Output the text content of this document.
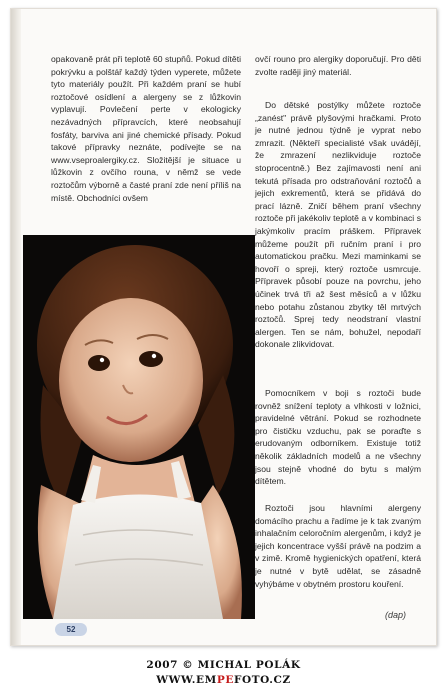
opakovaně prát při teplotě 60 stupňů. Pokud dítěti pokrývku a polštář každý týden vyperete, můžete tyto materiály použít. Při každém praní se hubí roztočové osídlení a alergeny se z lůžkovin vyplavují. Povlečení perte v ekologicky nezávadných přípravcích, které neobsahují fosfáty, barviva ani jiné chemické přísady. Pokud takové přípravky neznáte, podívejte se na www.vseproalergiky.cz. Složitější je situace u lůžkovin z ovčího rouna, v němž se vede roztočům výborně a časté praní zde není příliš na místě. Obchodníci ovšem

ovčí rouno pro alergiky doporučují. Pro děti zvolte raději jiný materiál.

Do dětské postýlky můžete roztoče „zanést" právě plyšovými hračkami. Proto je nutné jednou týdně je vyprat nebo zmrazit. (Někteří specialisté však uvádějí, že zmrazení nezlikviduje roztoče stoprocentně.) Bez zajímavosti není ani tekutá přísada pro odstraňování roztočů a jejich exkrementů, která se přidává do prací lázně. Zničí během praní všechny roztoče při jakékoliv teplotě a v kombinaci s jakýmkoliv pracím práškem. Přípravek můžeme použít při ručním praní i pro automatickou pračku. Mezi maminkami se hovoří o spreji, který roztoče usmrcuje. Přípravek působí pouze na povrchu, jeho účinek trvá tři až šest měsíců a v lůžku nebo potahu zůstanou zbytky těl mrtvých roztočů. Sprej tedy neodstraní vlastní alergen. Ten se nám, bohužel, nepodaří dokonale zlikvidovat.

Pomocníkem v boji s roztoči bude rovněž snížení teploty a vlhkosti v ložnici, pravidelné větrání. Pokud se rozhodnete pro čističku vzduchu, pak se poraďte s erudovaným odborníkem. Existuje totiž několik základních modelů a ne všechny jsou stejně vhodné do bytu s malým dítětem.

Roztoči jsou hlavními alergeny domácího prachu a řadíme je k tak zvaným inhalačním celoročním alergenům, i když je jejich koncentrace vyšší právě na podzim a v zimě. Kromě hygienických opatření, která je nutné v bytě udělat, se zásadně vyhýbáme v obytném prostoru kouření.

52
(dap)
2007 © MICHAL POLÁK
WWW.EMPEFOTO.CZ
